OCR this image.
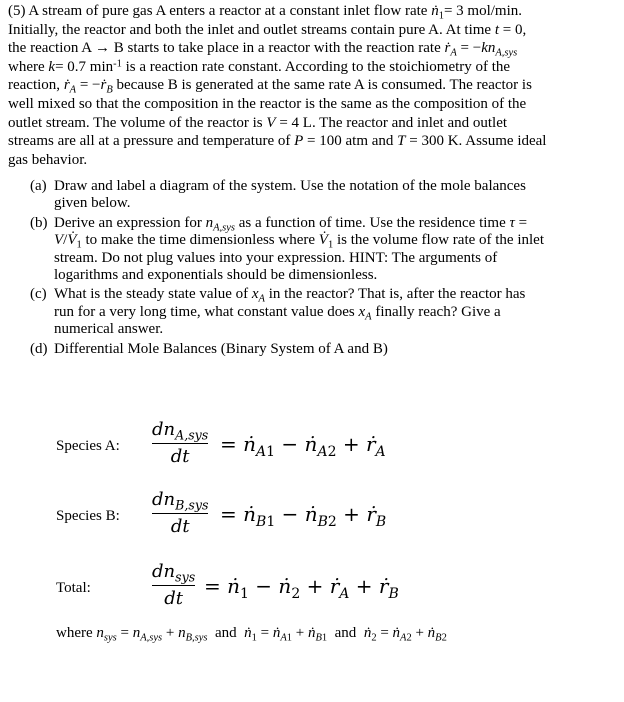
(5) A stream of pure gas A enters a reactor at a constant inlet flow rate ṅ$_1$= 3 mol/min.

Initially, the reactor and both the inlet and outlet streams contain pure A. At time t = 0,

the reaction A → B starts to take place in a reactor with the reaction rate ṙ$_A$ = $-kn_{A,sys}$

where k= 0.7 $\min^{-1}$ is a reaction rate constant. According to the stoichiometry of the

reaction, ṙ$_A$ = −ṙ$_B$ because B is generated at the same rate A is consumed. The reactor is

well mixed so that the composition in the reactor is the same as the composition of the

outlet stream. The volume of the reactor is V = 4 L. The reactor and inlet and outlet

streams are all at a pressure and temperature of P = 100 atm and T = 300 K. Assume ideal

gas behavior.

(a) Draw and label a diagram of the system. Use the notation of the mole balances
given below.
(b) Derive an expression for $n_{A,sys}$ as a function of time. Use the residence time τ =
$V/V̇_1$ to make the time dimensionless where $V̇_1$ is the volume flow rate of the inlet
stream. Do not plug values into your expression. HINT: The arguments of
logarithms and exponentials should be dimensionless.
(c) What is the steady state value of $x_A$ in the reactor? That is, after the reactor has
run for a very long time, what constant value does $x_A$ finally reach? Give a
numerical answer.
(d) Differential Mole Balances (Binary System of A and B)
Species A:
$dn_{A,sys}$
dt
= ṅ$_{A1}$ − ṅ$_{A2}$ + ṙ$_A$
Species B:
$dn_{B,sys}$
dt
= ṅ$_{B1}$ − ṅ$_{B2}$ + ṙ$_B$
Total:
$dn_{sys}$
dt
= ṅ$_1$ − ṅ$_2$ + ṙ$_A$ + ṙ$_B$
where $n_{sys} = n_{A,sys} + n_{B,sys}$  and  ṅ$_1$ = ṅ$_{A1}$ + ṅ$_{B1}$  and  ṅ$_2$ = ṅ$_{A2}$ + ṅ$_{B2}$
